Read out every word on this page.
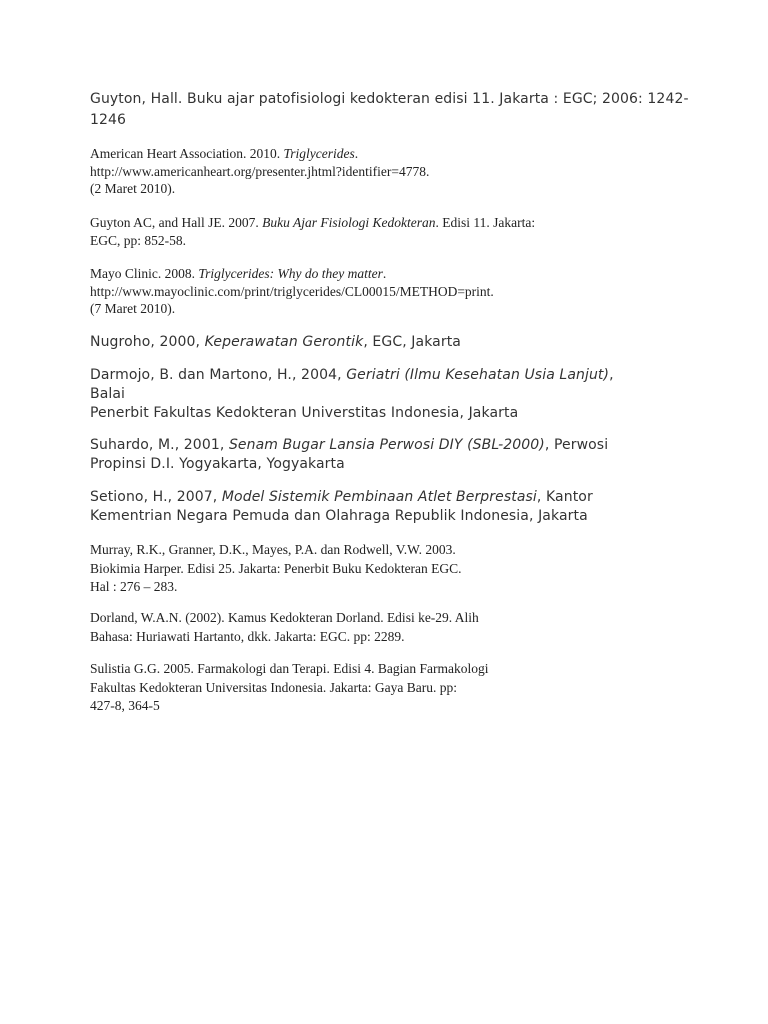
Guyton, Hall. Buku ajar patofisiologi kedokteran edisi 11. Jakarta : EGC; 2006: 1242-
1246

American Heart Association. 2010. Triglycerides.
http://www.americanheart.org/presenter.jhtml?identifier=4778.
(2 Maret 2010).

Guyton AC, and Hall JE. 2007. Buku Ajar Fisiologi Kedokteran. Edisi 11. Jakarta:
EGC, pp: 852-58.

Mayo Clinic. 2008. Triglycerides: Why do they matter.
http://www.mayoclinic.com/print/triglycerides/CL00015/METHOD=print.
(7 Maret 2010).

Nugroho, 2000, Keperawatan Gerontik, EGC, Jakarta

Darmojo, B. dan Martono, H., 2004, Geriatri (Ilmu Kesehatan Usia Lanjut),
Balai
Penerbit Fakultas Kedokteran Universtitas Indonesia, Jakarta

Suhardo, M., 2001, Senam Bugar Lansia Perwosi DIY (SBL-2000), Perwosi
Propinsi D.I. Yogyakarta, Yogyakarta

Setiono, H., 2007, Model Sistemik Pembinaan Atlet Berprestasi, Kantor
Kementrian Negara Pemuda dan Olahraga Republik Indonesia, Jakarta

Murray, R.K., Granner, D.K., Mayes, P.A. dan Rodwell, V.W. 2003.
Biokimia Harper. Edisi 25. Jakarta: Penerbit Buku Kedokteran EGC.
Hal : 276 – 283.

Dorland, W.A.N. (2002). Kamus Kedokteran Dorland. Edisi ke-29. Alih
Bahasa: Huriawati Hartanto, dkk. Jakarta: EGC. pp: 2289.

Sulistia G.G. 2005. Farmakologi dan Terapi. Edisi 4. Bagian Farmakologi
Fakultas Kedokteran Universitas Indonesia. Jakarta: Gaya Baru. pp:
427-8, 364-5
